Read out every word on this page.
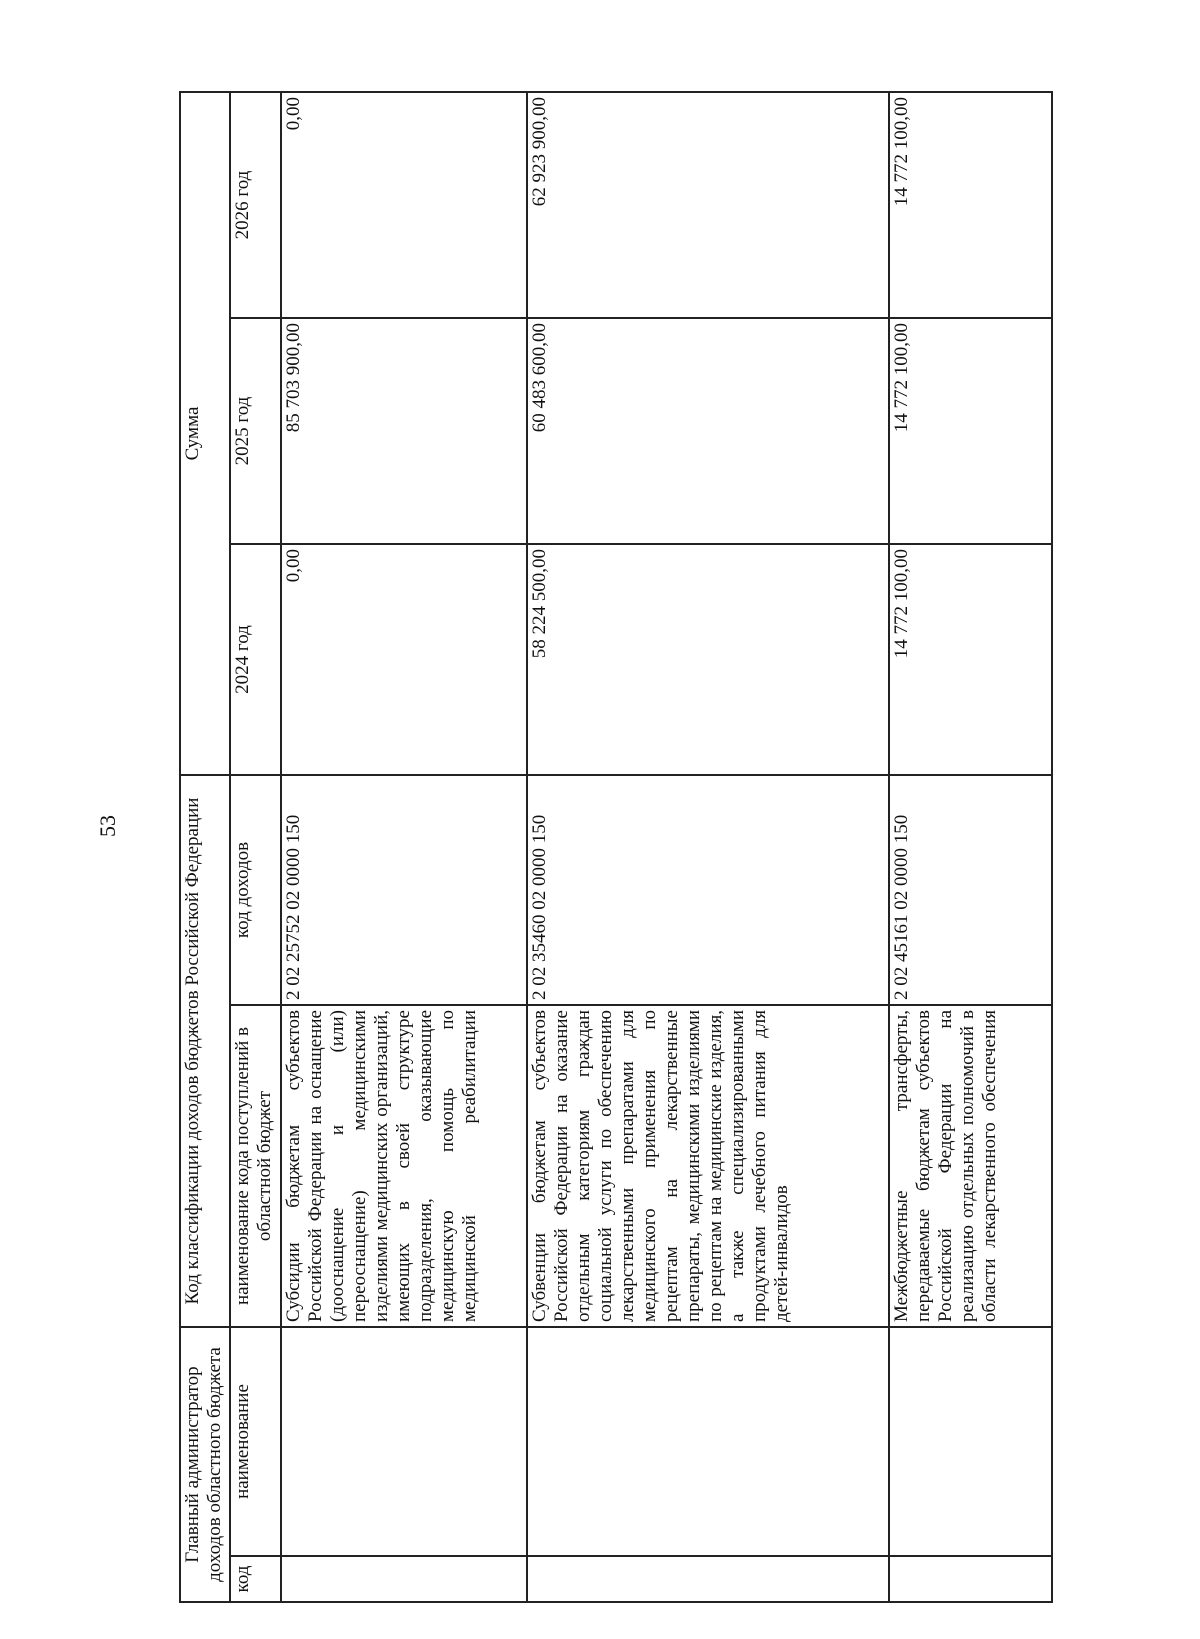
53
Главный администратор доходов областного бюджета		Код классификации доходов бюджетов Российской Федерации		Сумма		
код	наименование	наименование кода поступлений в областной бюджет	код доходов	2024 год	2025 год	2026 год
		Субсидии бюджетам субъектов Российской Федерации на оснащение (дооснащение и (или) переоснащение) медицинскими изделиями медицинских организаций, имеющих в своей структуре подразделения, оказывающие медицинскую помощь по медицинской реабилитации	2 02 25752 02 0000 150	0,00	85 703 900,00	0,00
		Субвенции бюджетам субъектов Российской Федерации на оказание отдельным категориям граждан социальной услуги по обеспечению лекарственными препаратами для медицинского применения по рецептам на лекарственные препараты, медицинскими изделиями по рецептам на медицинские изделия, а также специализированными продуктами лечебного питания для детей-инвалидов	2 02 35460 02 0000 150	58 224 500,00	60 483 600,00	62 923 900,00
		Межбюджетные трансферты, передаваемые бюджетам субъектов Российской Федерации на реализацию отдельных полномочий в области лекарственного обеспечения	2 02 45161 02 0000 150	14 772 100,00	14 772 100,00	14 772 100,00
